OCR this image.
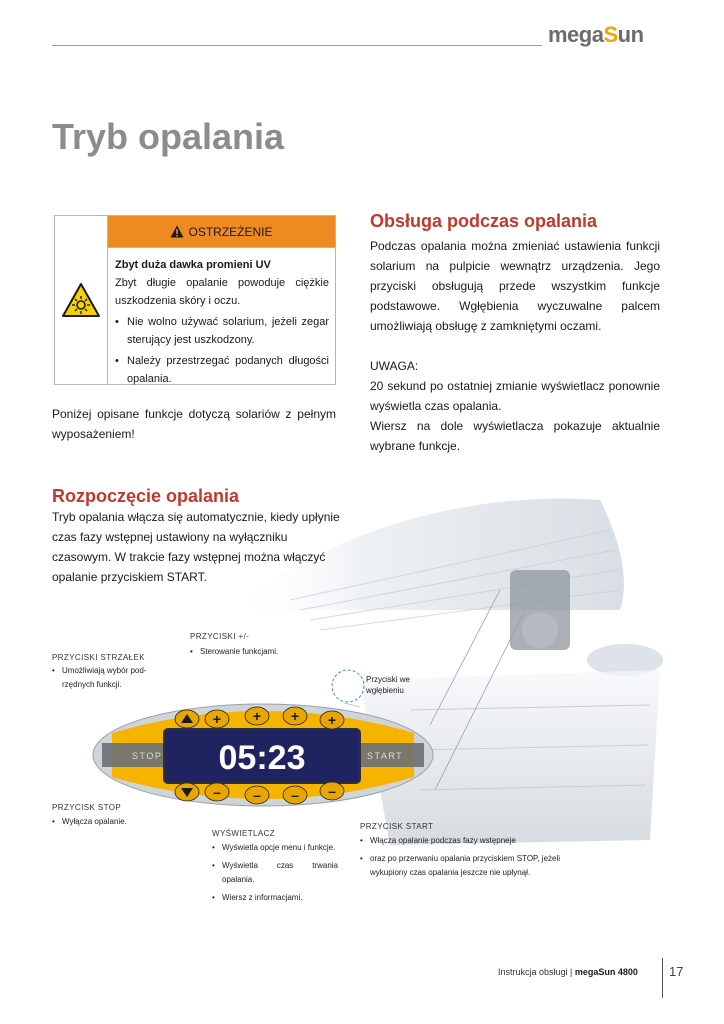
megaSun
Tryb opalania
OSTRZEŻENIE
Zbyt duża dawka promieni UV

Zbyt długie opalanie powoduje ciężkie uszkodzenia skóry i oczu.

• Nie wolno używać solarium, jeżeli zegar sterujący jest uszkodzony.
• Należy przestrzegać podanych długości opalania.
Poniżej opisane funkcje dotyczą solariów z pełnym wyposażeniem!
Obsługa podczas opalania
Podczas opalania można zmieniać ustawienia funkcji solarium na pulpicie wewnątrz urządzenia. Jego przyciski obsługują przede wszystkim funkcje podstawowe. Wgłębienia wyczuwalne palcem umożliwiają obsługę z zamkniętymi oczami.
UWAGA:
20 sekund po ostatniej zmianie wyświetlacz ponownie wyświetla czas opalania.
Wiersz na dole wyświetlacza pokazuje aktualnie wybrane funkcje.
Rozpoczęcie opalania
Tryb opalania włącza się automatycznie, kiedy upłynie czas fazy wstępnej ustawiony na wyłączniku czasowym. W trakcie fazy wstępnej można włączyć opalanie przyciskiem START.
+ + + +
– – – –
STOP	START
05:23
PRZYCISKI +/-
• Sterowanie funkcjami.
PRZYCISKI STRZAŁEK
• Umożliwiają wybór pod-rzędnych funkcji.
Przyciski we wgłębieniu
PRZYCISK STOP
• Wyłącza opalanie.
WYŚWIETLACZ
• Wyświetla opcje menu i funkcje.
• Wyświetla czas trwania opalania.
• Wiersz z informacjami.
PRZYCISK START
• Włącza opalanie podczas fazy wstępneje
• oraz po przerwaniu opalania przyciskiem STOP, jeżeli wykupiony czas opalania jeszcze nie upłynął.
Instrukcja obsługi | megaSun 4800 17
